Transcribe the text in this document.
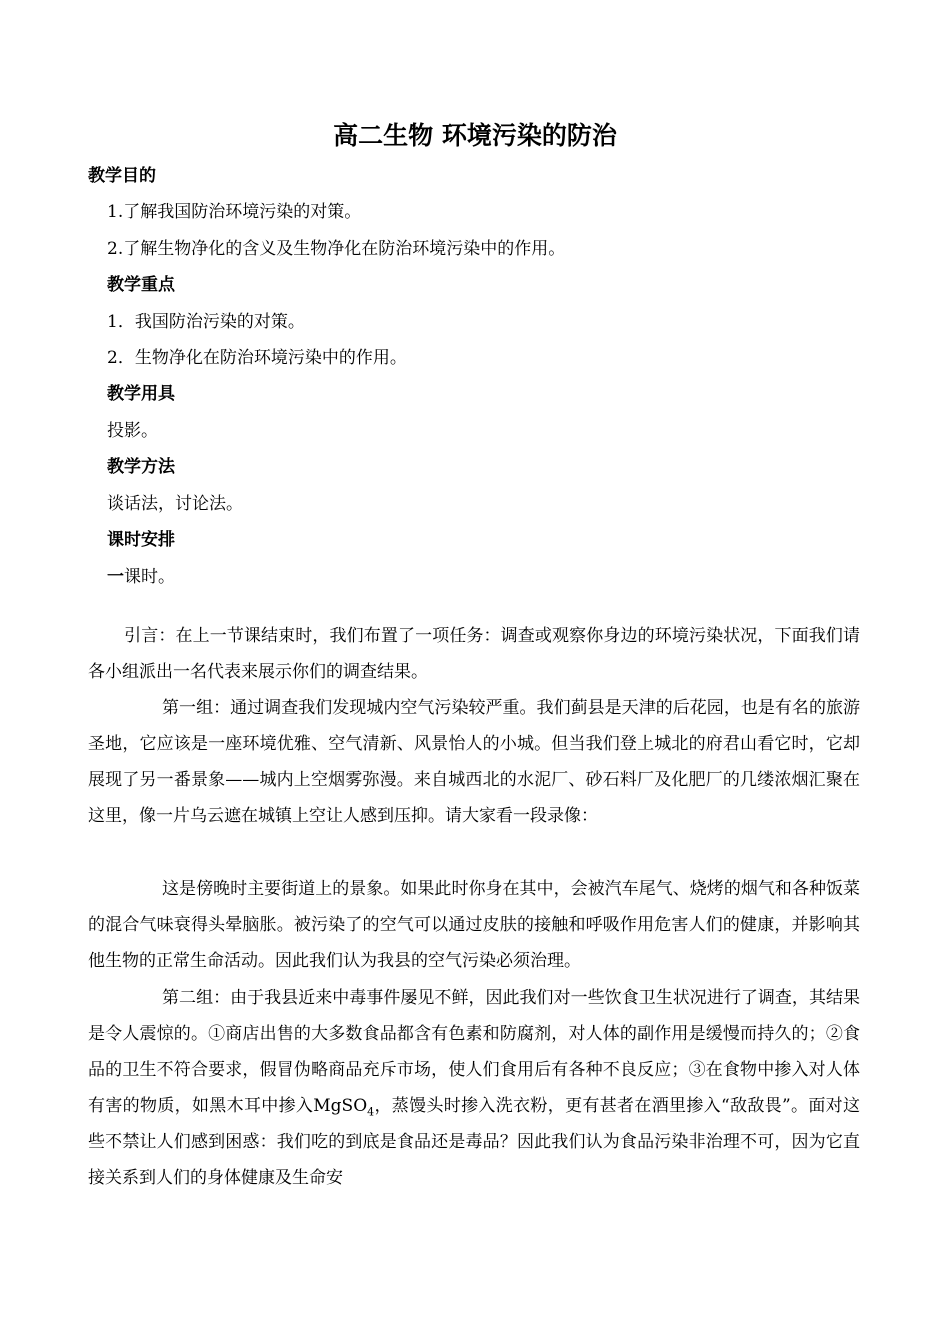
高二生物 环境污染的防治
教学目的
1.了解我国防治环境污染的对策。
2.了解生物净化的含义及生物净化在防治环境污染中的作用。
教学重点
1．我国防治污染的对策。
2．生物净化在防治环境污染中的作用。
教学用具
投影。
教学方法
谈话法，讨论法。
课时安排
一课时。
引言：在上一节课结束时，我们布置了一项任务：调查或观察你身边的环境污染状况，下面我们请各小组派出一名代表来展示你们的调查结果。
第一组：通过调查我们发现城内空气污染较严重。我们蓟县是天津的后花园，也是有名的旅游圣地，它应该是一座环境优雅、空气清新、风景怡人的小城。但当我们登上城北的府君山看它时，它却展现了另一番景象——城内上空烟雾弥漫。来自城西北的水泥厂、砂石料厂及化肥厂的几缕浓烟汇聚在这里，像一片乌云遮在城镇上空让人感到压抑。请大家看一段录像：
这是傍晚时主要街道上的景象。如果此时你身在其中，会被汽车尾气、烧烤的烟气和各种饭菜的混合气味衰得头晕脑胀。被污染了的空气可以通过皮肤的接触和呼吸作用危害人们的健康，并影响其他生物的正常生命活动。因此我们认为我县的空气污染必须治理。
第二组：由于我县近来中毒事件屡见不鲜，因此我们对一些饮食卫生状况进行了调查，其结果是令人震惊的。①商店出售的大多数食品都含有色素和防腐剂，对人体的副作用是缓慢而持久的；②食品的卫生不符合要求，假冒伪略商品充斥市场，使人们食用后有各种不良反应；③在食物中掺入对人体有害的物质，如黑木耳中掺入MgSO$_4$，蒸馒头时掺入洗衣粉，更有甚者在酒里掺入“敌敌畏”。面对这些不禁让人们感到困惑：我们吃的到底是食品还是毒品？因此我们认为食品污染非治理不可，因为它直接关系到人们的身体健康及生命安
